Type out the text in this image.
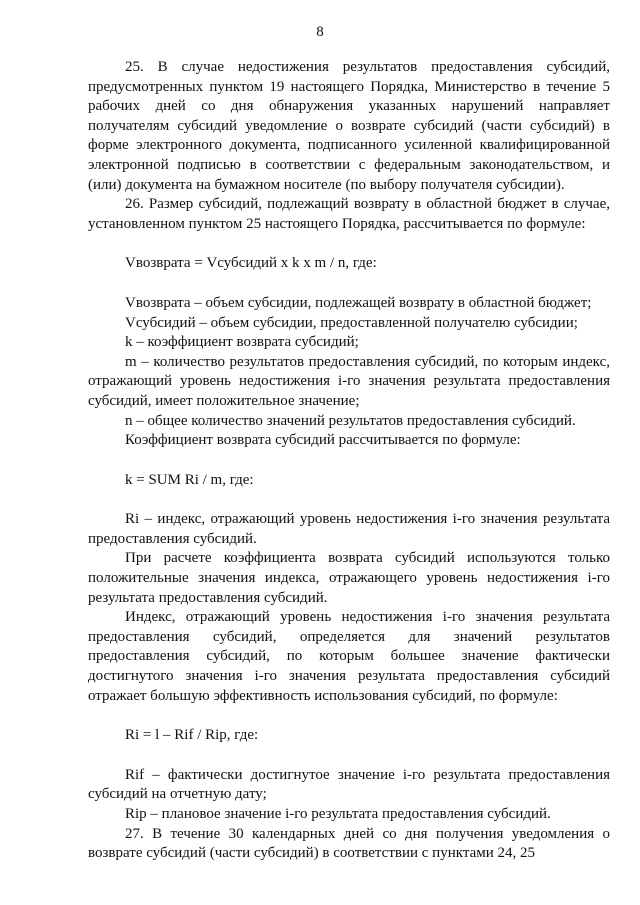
8

25. В случае недостижения результатов предоставления субсидий, предусмотренных пунктом 19 настоящего Порядка, Министерство в течение 5 рабочих дней со дня обнаружения указанных нарушений направляет получателям субсидий уведомление о возврате субсидий (части субсидий) в форме электронного документа, подписанного усиленной квалифицированной электронной подписью в соответствии с федеральным законодательством, и (или) документа на бумажном носителе (по выбору получателя субсидии).

26. Размер субсидий, подлежащий возврату в областной бюджет в случае, установленном пунктом 25 настоящего Порядка, рассчитывается по формуле:

Vвозврата = Vсубсидий x k x m / n, где:

Vвозврата – объем субсидии, подлежащей возврату в областной бюджет;

Vсубсидий – объем субсидии, предоставленной получателю субсидии;

k – коэффициент возврата субсидий;

m – количество результатов предоставления субсидий, по которым индекс, отражающий уровень недостижения i-го значения результата предоставления субсидий, имеет положительное значение;

n – общее количество значений результатов предоставления субсидий.

Коэффициент возврата субсидий рассчитывается по формуле:

k = SUM Ri / m, где:

Ri – индекс, отражающий уровень недостижения i-го значения результата предоставления субсидий.

При расчете коэффициента возврата субсидий используются только положительные значения индекса, отражающего уровень недостижения i-го результата предоставления субсидий.

Индекс, отражающий уровень недостижения i-го значения результата предоставления субсидий, определяется для значений результатов предоставления субсидий, по которым большее значение фактически достигнутого значения i-го значения результата предоставления субсидий отражает большую эффективность использования субсидий, по формуле:

Ri = l – Rif / Rip, где:

Rif – фактически достигнутое значение i-го результата предоставления субсидий на отчетную дату;

Rip – плановое значение i-го результата предоставления субсидий.

27. В течение 30 календарных дней со дня получения уведомления о возврате субсидий (части субсидий) в соответствии с пунктами 24, 25
